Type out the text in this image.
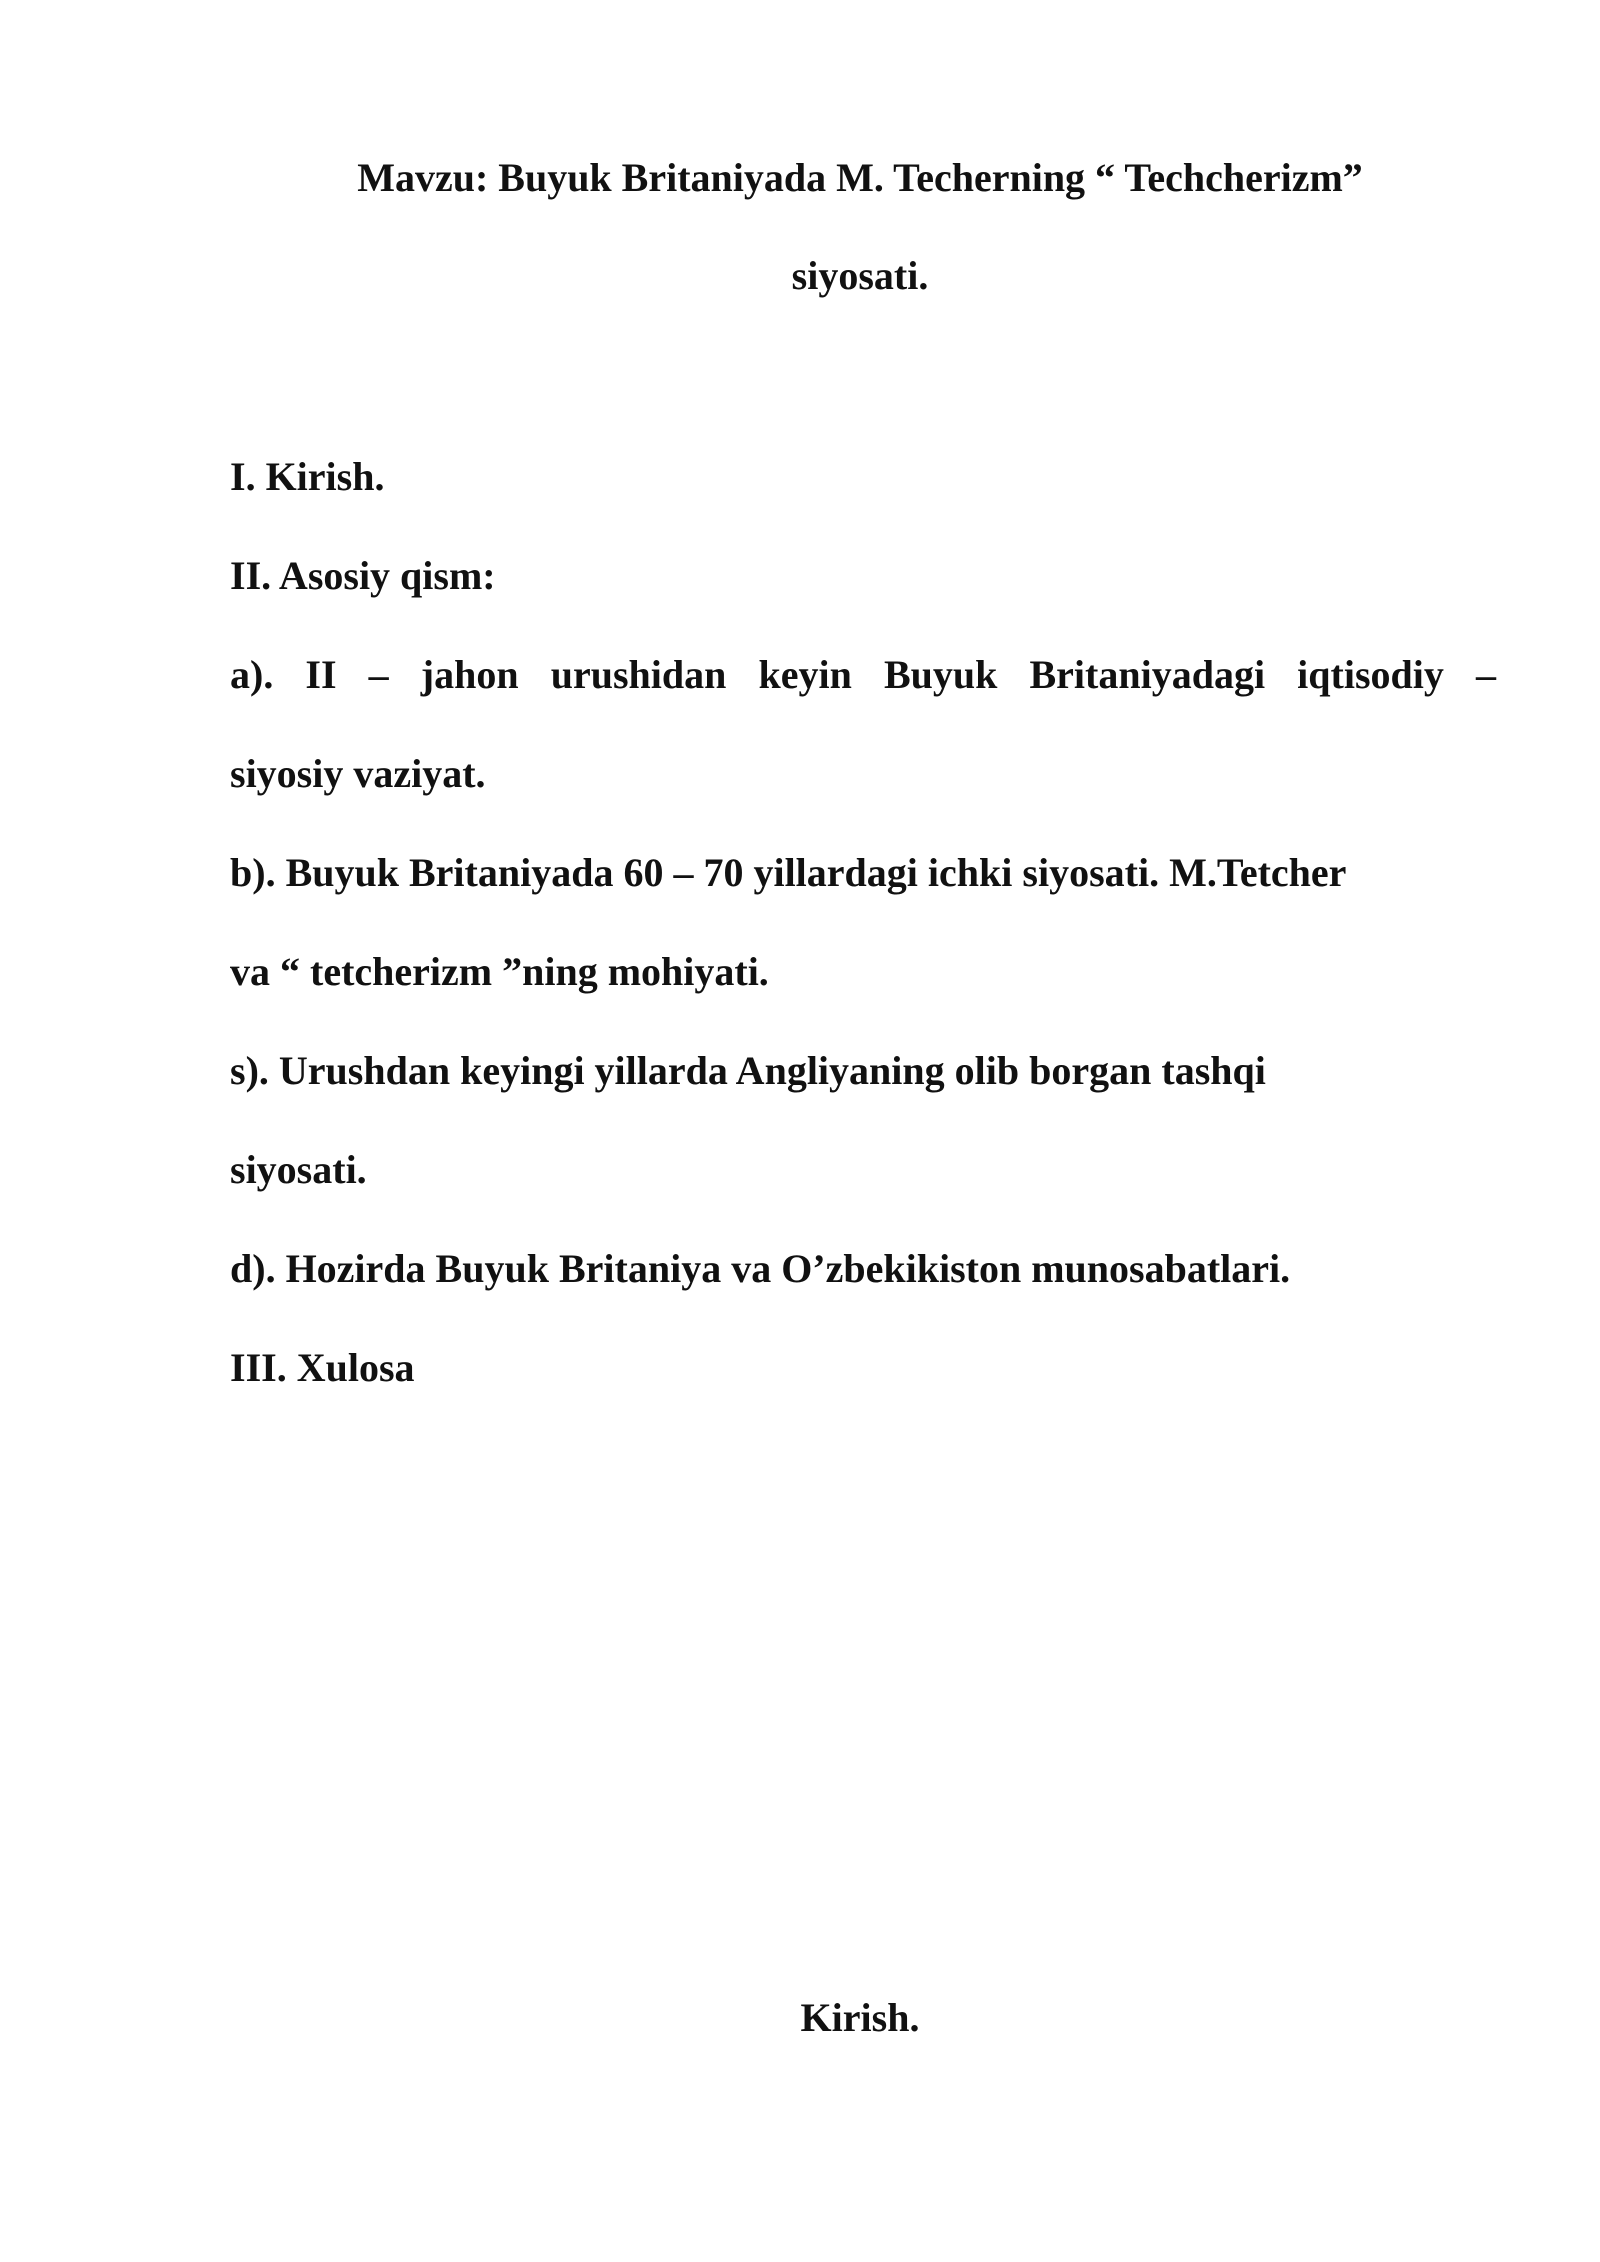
Mavzu: Buyuk Britaniyada M. Techerning “ Techcherizm”
siyosati.
I. Kirish.
II. Asosiy qism:
a). II – jahon urushidan keyin Buyuk Britaniyadagi iqtisodiy –
siyosiy vaziyat.
b). Buyuk Britaniyada 60 – 70 yillardagi ichki siyosati. M.Tetcher
va “ tetcherizm ”ning mohiyati.
s). Urushdan keyingi yillarda Angliyaning olib borgan tashqi
siyosati.
d). Hozirda Buyuk Britaniya va O’zbekikiston munosabatlari.
III. Xulosa
Kirish.
